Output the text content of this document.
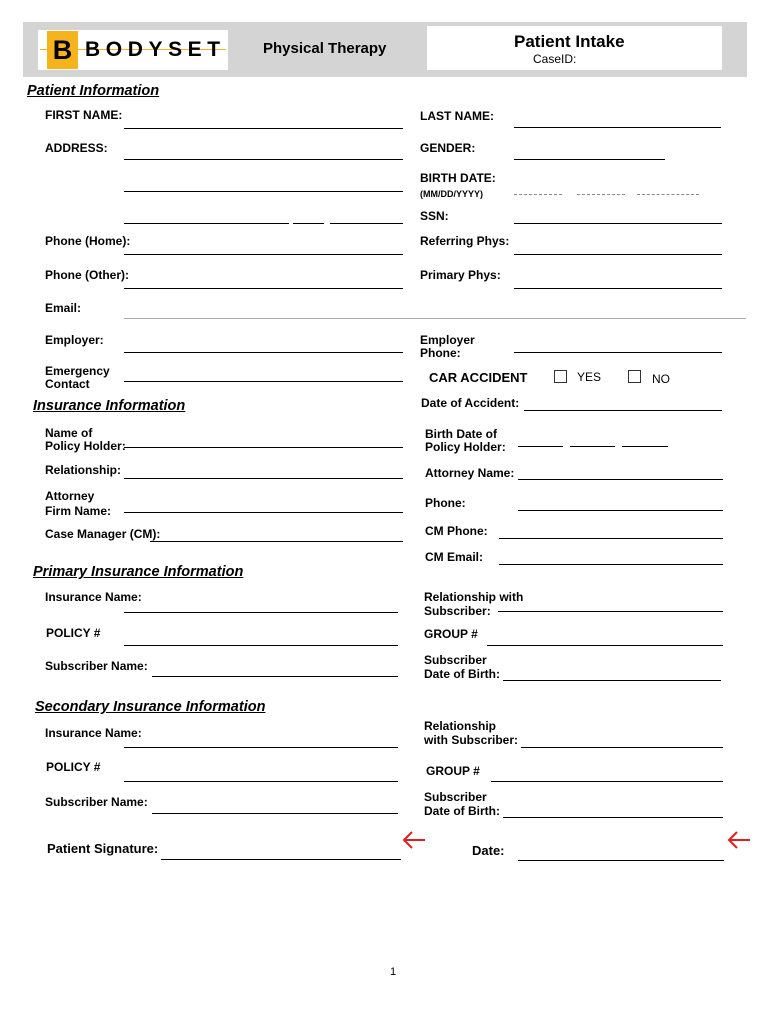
B BODYSET Physical Therapy	Patient Intake
CaseID:
Patient Information
FIRST NAME:	LAST NAME:
ADDRESS:	GENDER:
BIRTH DATE:
(MM/DD/YYYY)
SSN:
Phone (Home):	Referring Phys:
Phone (Other):	Primary Phys:
Email:
Employer:	Employer
Phone:
Emergency
Contact	CAR ACCIDENT	YES	NO
Insurance Information	Date of Accident:
Name of
Policy Holder:
Birth Date of
Policy Holder:
Relationship:	Attorney Name:
Attorney
Firm Name:
Phone:
Case Manager (CM):	CM Phone:
CM Email:
Primary Insurance Information
Insurance Name:	Relationship with
Subscriber:
POLICY #	GROUP #
Subscriber Name:	Subscriber
Date of Birth:
Secondary Insurance Information
Insurance Name:	Relationship
with Subscriber:
POLICY #	GROUP #
Subscriber Name:	Subscriber
Date of Birth:
Patient Signature:	Date:
1
